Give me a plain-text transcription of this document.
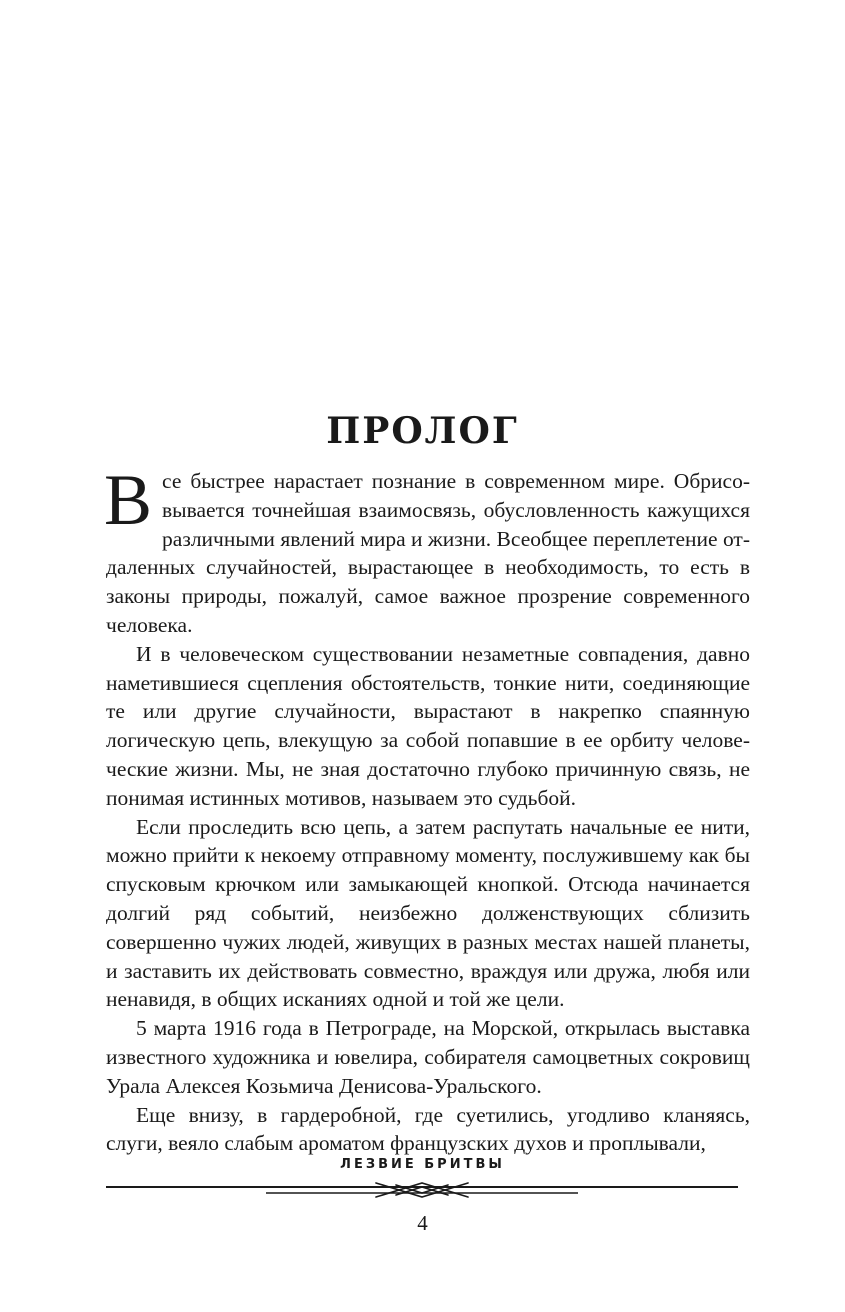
ПРОЛОГ

Все быстрее нарастает познание в современном мире. Обрисовывается точнейшая взаимосвязь, обусловленность кажущихся различными явлений мира и жизни. Всеобщее переплетение отдаленных случайностей, вырастающее в необходимость, то есть в законы природы, пожалуй, самое важное прозрение современного человека.

И в человеческом существовании незаметные совпадения, давно наметившиеся сцепления обстоятельств, тонкие нити, соединяющие те или другие случайности, вырастают в накрепко спаянную логическую цепь, влекущую за собой попавшие в ее орбиту человеческие жизни. Мы, не зная достаточно глубоко причинную связь, не понимая истинных мотивов, называем это судьбой.

Если проследить всю цепь, а затем распутать начальные ее нити, можно прийти к некоему отправному моменту, послужившему как бы спусковым крючком или замыкающей кнопкой. Отсюда начинается долгий ряд событий, неизбежно долженствующих сблизить совершенно чужих людей, живущих в разных местах нашей планеты, и заставить их действовать совместно, враждуя или дружа, любя или ненавидя, в общих исканиях одной и той же цели.

5 марта 1916 года в Петрограде, на Морской, открылась выставка известного художника и ювелира, собирателя самоцветных сокровищ Урала Алексея Козьмича Денисова-Уральского.

Еще внизу, в гардеробной, где суетились, угодливо кланяясь, слуги, веяло слабым ароматом французских духов и проплывали,

ЛЕЗВИЕ БРИТВЫ
4
